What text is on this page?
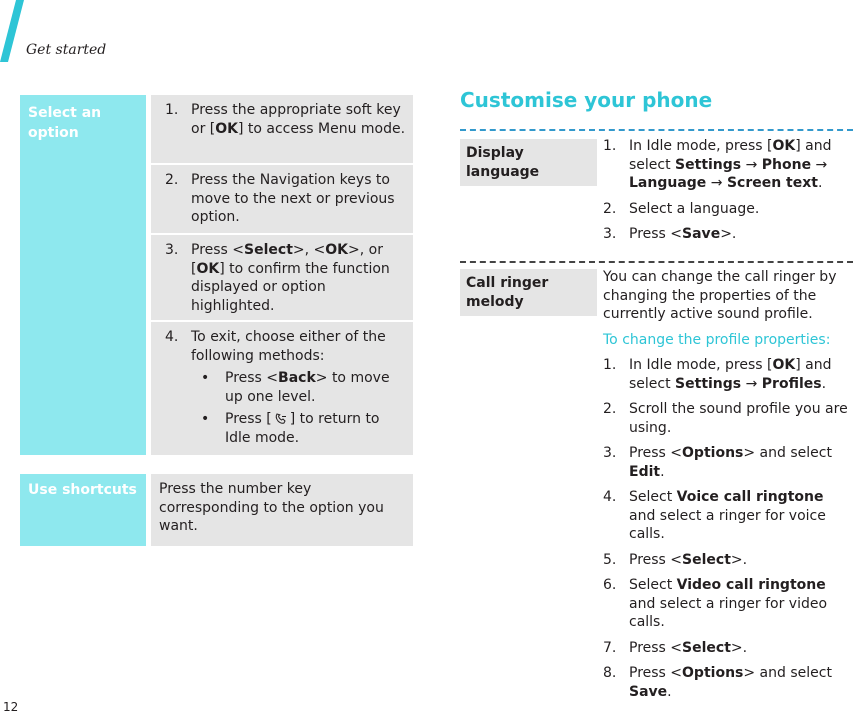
Get started
12
Select an option
1. Press the appropriate soft key or [OK] to access Menu mode.
2. Press the Navigation keys to move to the next or previous option.
3. Press <Select>, <OK>, or [OK] to confirm the function displayed or option highlighted.
4. To exit, choose either of the following methods:
•	Press <Back> to move up one level.
•	Press [ ] to return to Idle mode.
Use shortcuts	Press the number key corresponding to the option you want.
Customise your phone
Display language
1. In Idle mode, press [OK] and select Settings → Phone → Language → Screen text.
2. Select a language.
3. Press <Save>.
Call ringer melody
You can change the call ringer by changing the properties of the currently active sound profile.
To change the profile properties:
1. In Idle mode, press [OK] and select Settings → Profiles.
2. Scroll the sound profile you are using.
3. Press <Options> and select Edit.
4. Select Voice call ringtone and select a ringer for voice calls.
5. Press <Select>.
6. Select Video call ringtone and select a ringer for video calls.
7. Press <Select>.
8. Press <Options> and select Save.
